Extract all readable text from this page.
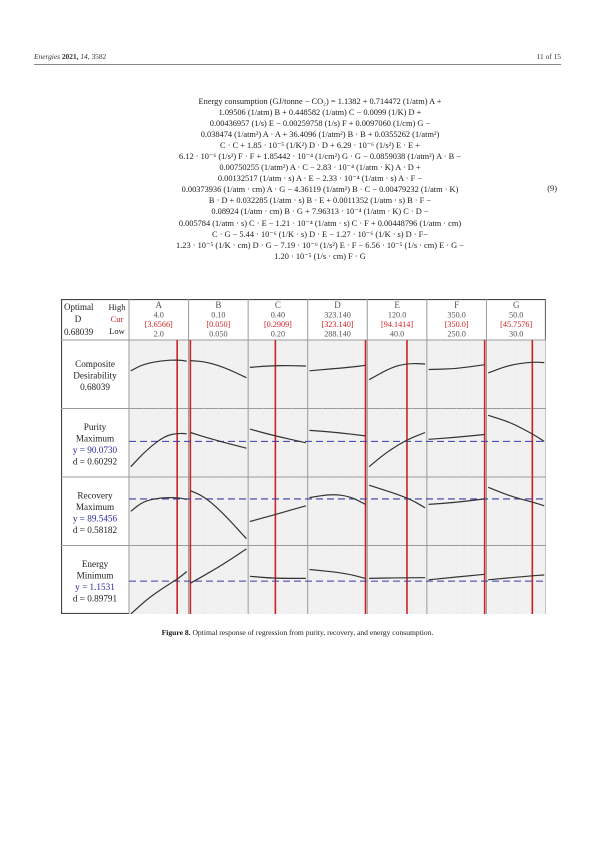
Energies 2021, 14, 3582	11 of 15
Energy consumption (GJ/tonne − CO₂) = 1.1382 + 0.714472 (1/atm) A +
1.09506 (1/atm) B + 0.448582 (1/atm) C − 0.0099 (1/K) D +
0.00436957 (1/s) E − 0.00259758 (1/s) F + 0.0097060 (1/cm) G −
0.038474 (1/atm²) A · A + 36.4096 (1/atm²) B · B + 0.0355262 (1/atm²)
C · C + 1.85 · 10⁻⁵ (1/K²) D · D + 6.29 · 10⁻⁶ (1/s²) E · E +
6.12 · 10⁻⁶ (1/s²) F · F + 1.85442 · 10⁻⁴ (1/cm²) G · G − 0.0859038 (1/atm²) A · B −
0.00750255 (1/atm²) A · C − 2.83 · 10⁻⁴ (1/atm · K) A · D +
0.00132517 (1/atm · s) A · E − 2.33 · 10⁻⁴ (1/atm · s) A · F −
0.00373936 (1/atm · cm) A · G − 4.36119 (1/atm²) B · C − 0.00479232 (1/atm · K)
B · D + 0.032285 (1/atm · s) B · E + 0.0011352 (1/atm · s) B · F −
0.08924 (1/atm · cm) B · G + 7.96313 · 10⁻⁴ (1/atm · K) C · D −
0.005784 (1/atm · s) C · E − 1.21 · 10⁻⁴ (1/atm · s) C · F + 0.00448796 (1/atm · cm)
C · G − 5.44 · 10⁻⁶ (1/K · s) D · E − 1.27 · 10⁻⁶ (1/K · s) D · F−
1.23 · 10⁻⁵ (1/K · cm) D · G − 7.19 · 10⁻⁶ (1/s²) E · F − 6.56 · 10⁻⁵ (1/s · cm) E · G −
1.20 · 10⁻⁵ (1/s · cm) F · G
(9)
Optimal
D
0.68039
High
Cur
Low
A
4.0
[3.6566]
2.0
B
0.10
[0.050]
0.050
C
0.40
[0.2909]
0.20
D
323.140
[323.140]
288.140
E
120.0
[94.1414]
40.0
F
350.0
[350.0]
250.0
G
50.0
[45.7576]
30.0
Composite
Desirability
0.68039
Purity
Maximum
y = 90.0730
d = 0.60292
Recovery
Maximum
y = 89.5456
d = 0.58182
Energy
Minimum
y = 1.1531
d = 0.89791
Figure 8. Optimal response of regression from purity, recovery, and energy consumption.
